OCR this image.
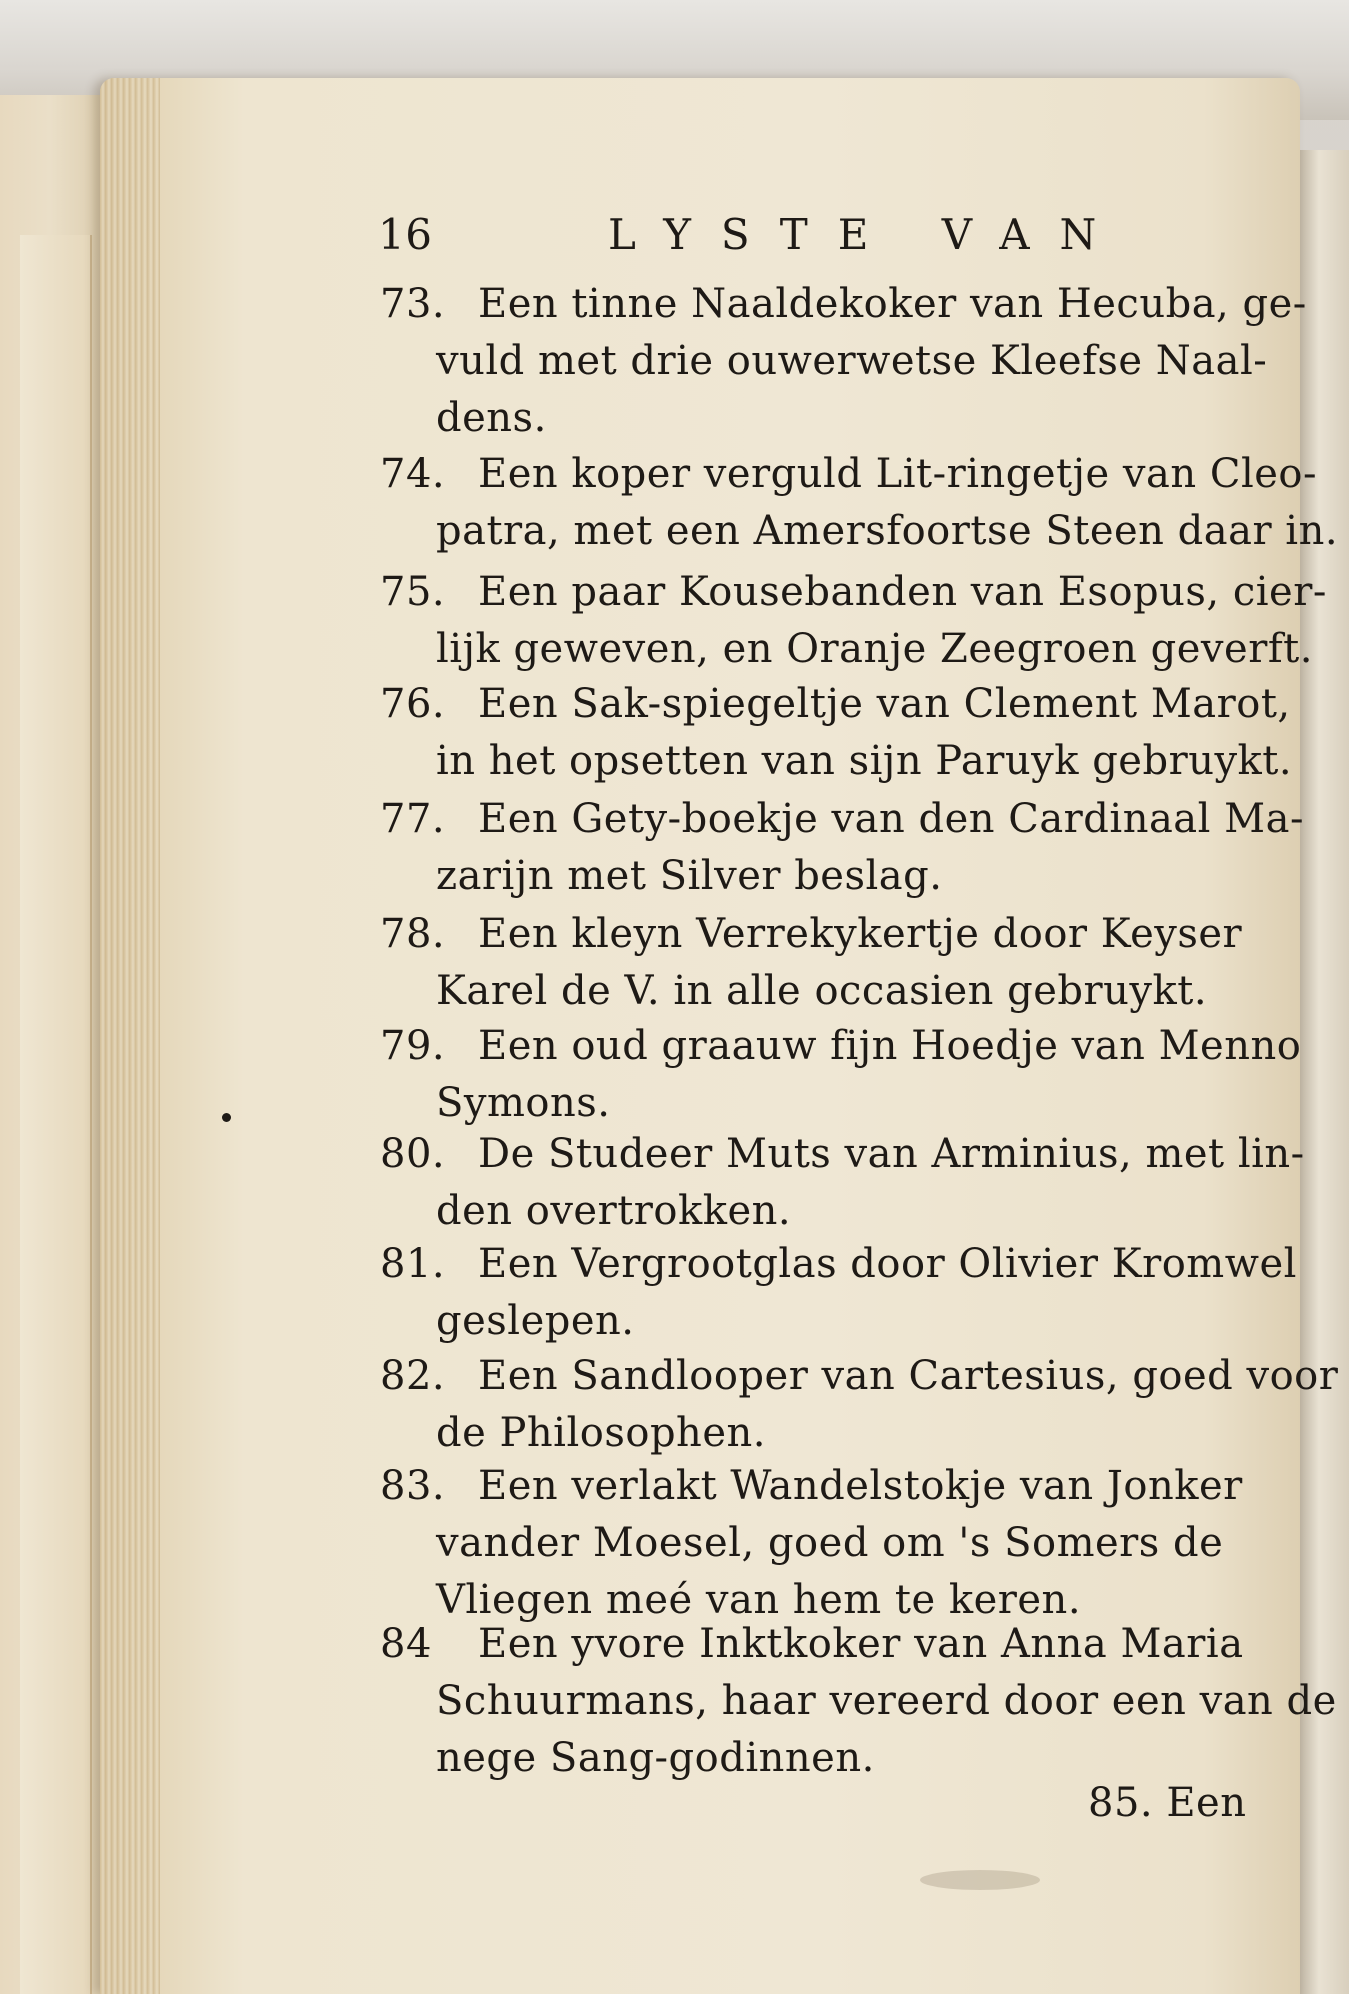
16	LYSTE VAN
73. Een tinne Naaldekoker van Hecuba, ge-
vuld met drie ouwerwetse Kleefse Naal-
dens.
74. Een koper verguld Lit-ringetje van Cleo-
patra, met een Amersfoortse Steen daar in.
75. Een paar Kousebanden van Esopus, cier-
lijk geweven, en Oranje Zeegroen geverft.
76. Een Sak-spiegeltje van Clement Marot,
in het opsetten van sijn Paruyk gebruykt.
77. Een Gety-boekje van den Cardinaal Ma-
zarijn met Silver beslag.
78. Een kleyn Verrekykertje door Keyser
Karel de V. in alle occasien gebruykt.
79. Een oud graauw fijn Hoedje van Menno
Symons.
80. De Studeer Muts van Arminius, met lin-
den overtrokken.
81. Een Vergrootglas door Olivier Kromwel
geslepen.
82. Een Sandlooper van Cartesius, goed voor
de Philosophen.
83. Een verlakt Wandelstokje van Jonker
vander Moesel, goed om 's Somers de
Vliegen meé van hem te keren.
84 Een yvore Inktkoker van Anna Maria
Schuurmans, haar vereerd door een van de
nege Sang-godinnen.
85. Een
